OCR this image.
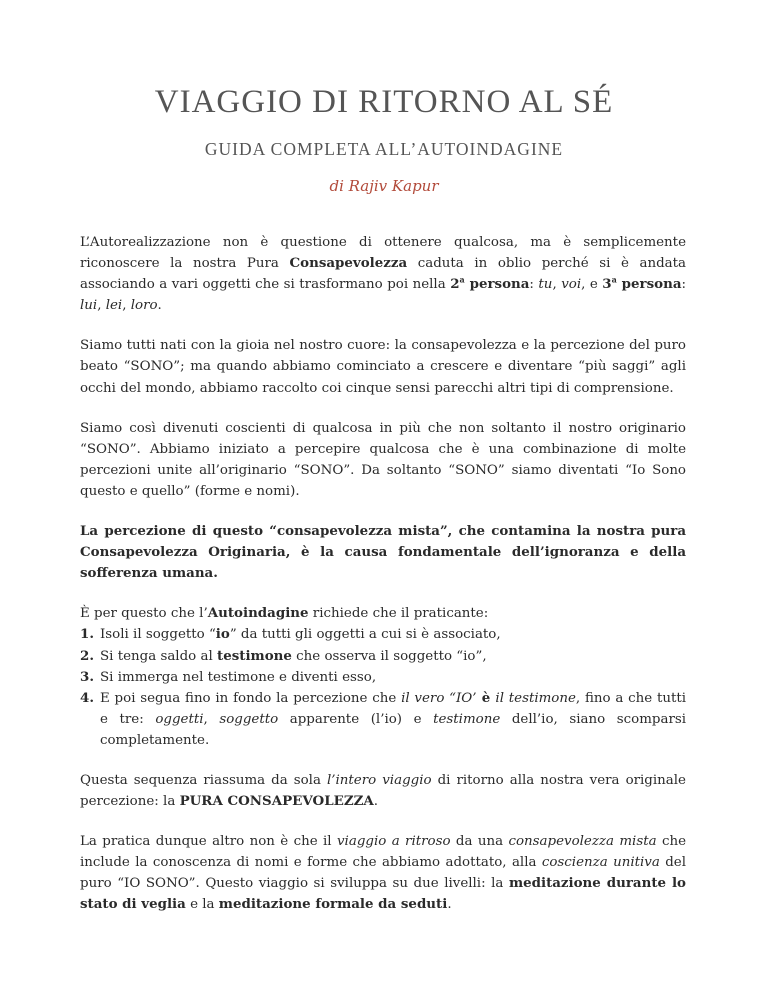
VIAGGIO DI RITORNO AL SÉ
GUIDA COMPLETA ALL’AUTOINDAGINE
di Rajiv Kapur

L’Autorealizzazione non è questione di ottenere qualcosa, ma è semplicemente riconoscere la nostra Pura Consapevolezza caduta in oblio perché si è andata associando a vari oggetti che si trasformano poi nella 2$^a$ persona: tu, voi, e 3$^a$ persona: lui, lei, loro.

Siamo tutti nati con la gioia nel nostro cuore: la consapevolezza e la percezione del puro beato “SONO”; ma quando abbiamo cominciato a crescere e diventare “più saggi” agli occhi del mondo, abbiamo raccolto coi cinque sensi parecchi altri tipi di comprensione.

Siamo così divenuti coscienti di qualcosa in più che non soltanto il nostro originario “SONO”. Abbiamo iniziato a percepire qualcosa che è una combinazione di molte percezioni unite all’originario “SONO”. Da soltanto “SONO” siamo diventati “Io Sono questo e quello” (forme e nomi).

La percezione di questo “consapevolezza mista”, che contamina la nostra pura Consapevolezza Originaria, è la causa fondamentale dell’ignoranza e della sofferenza umana.

È per questo che l’Autoindagine richiede che il praticante:

1. Isoli il soggetto “io” da tutti gli oggetti a cui si è associato,
2. Si tenga saldo al testimone che osserva il soggetto “io”,
3. Si immerga nel testimone e diventi esso,
4. E poi segua fino in fondo la percezione che il vero “IO’ è il testimone, fino a che tutti e tre: oggetti, soggetto apparente (l’io) e testimone dell’io, siano scomparsi completamente.

Questa sequenza riassuma da sola l’intero viaggio di ritorno alla nostra vera originale percezione: la PURA CONSAPEVOLEZZA.

La pratica dunque altro non è che il viaggio a ritroso da una consapevolezza mista che include la conoscenza di nomi e forme che abbiamo adottato, alla coscienza unitiva del puro “IO SONO”. Questo viaggio si sviluppa su due livelli: la meditazione durante lo stato di veglia e la meditazione formale da seduti.
